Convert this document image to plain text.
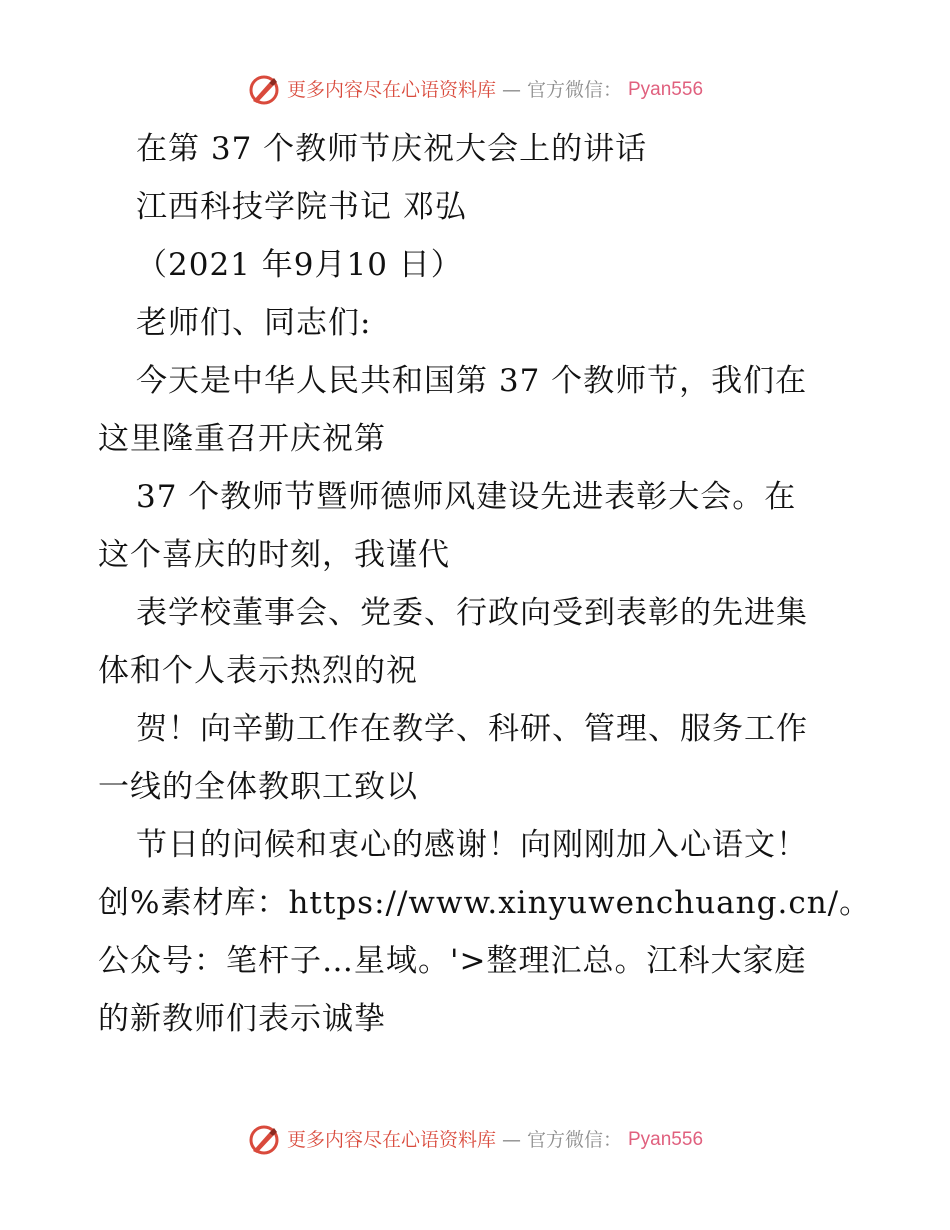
更多内容尽在心语资料库 — 官方微信： Pyan556
在第 37 个教师节庆祝大会上的讲话
江西科技学院书记 邓弘
（2021 年9月10 日）
老师们、同志们:
今天是中华人民共和国第 37 个教师节，我们在
这里隆重召开庆祝第
37 个教师节暨师德师风建设先进表彰大会。在
这个喜庆的时刻，我谨代
表学校董事会、党委、行政向受到表彰的先进集
体和个人表示热烈的祝
贺！向辛勤工作在教学、科研、管理、服务工作
一线的全体教职工致以
节日的问候和衷心的感谢！向刚刚加入心语文！
创%素材库：https://www.xinyuwenchuang.cn/。
公众号：笔杆子…星域。'>整理汇总。江科大家庭
的新教师们表示诚挚
更多内容尽在心语资料库 — 官方微信： Pyan556
